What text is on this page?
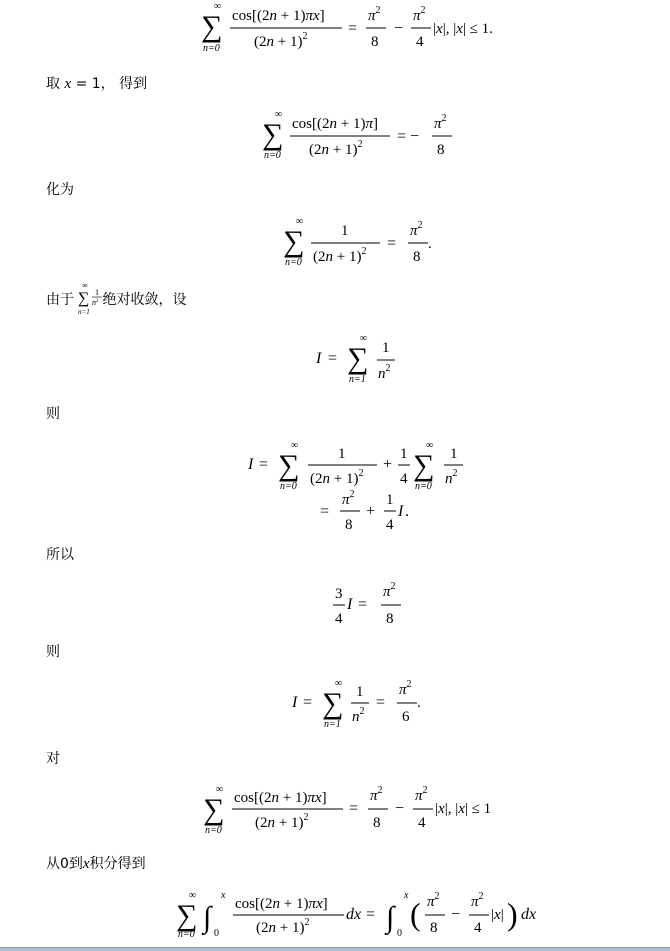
∞
∑
n=0
cos[(2n + 1)πx]
$(2n + 1)^2$	=
$\pi^2$
8
−
$\pi^2$
4
|x|, |x| ≤ 1.
取 x = 1， 得到
∞
∑
n=0
cos[(2n + 1)π]
$(2n + 1)^2$ = −
$\pi^2$
8
化为
∞
∑
n=0
1
$(2n + 1)^2$ =
$\pi^2$
8
.
由于
∞
∑
n=1
1
$n^2$ 绝对收敛，设
I =
∞
∑
n=1
1
$n^2$
则
I =
∞
∑
n=0
1
$(2n + 1)^2$
+
1
4
∞
∑
n=0
1
$n^2$
=
$\pi^2$
8
+
1
4
I .
所以
3
4
I =
$\pi^2$
8
则
I =
∞
∑
n=1
1
$n^2$
=
$\pi^2$
6
.
对
∞
∑
n=0
cos[(2n + 1)πx]
$(2n + 1)^2$
=
$\pi^2$
8
−
$\pi^2$
4
|x|, |x| ≤ 1
从0到x积分得到
∞
∑
n=0
∫
x
0
cos[(2n + 1)πx]
$(2n + 1)^2$ dx = ∫
x
0
( $\pi^2$
8
−
$\pi^2$
4
|x| ) dx
